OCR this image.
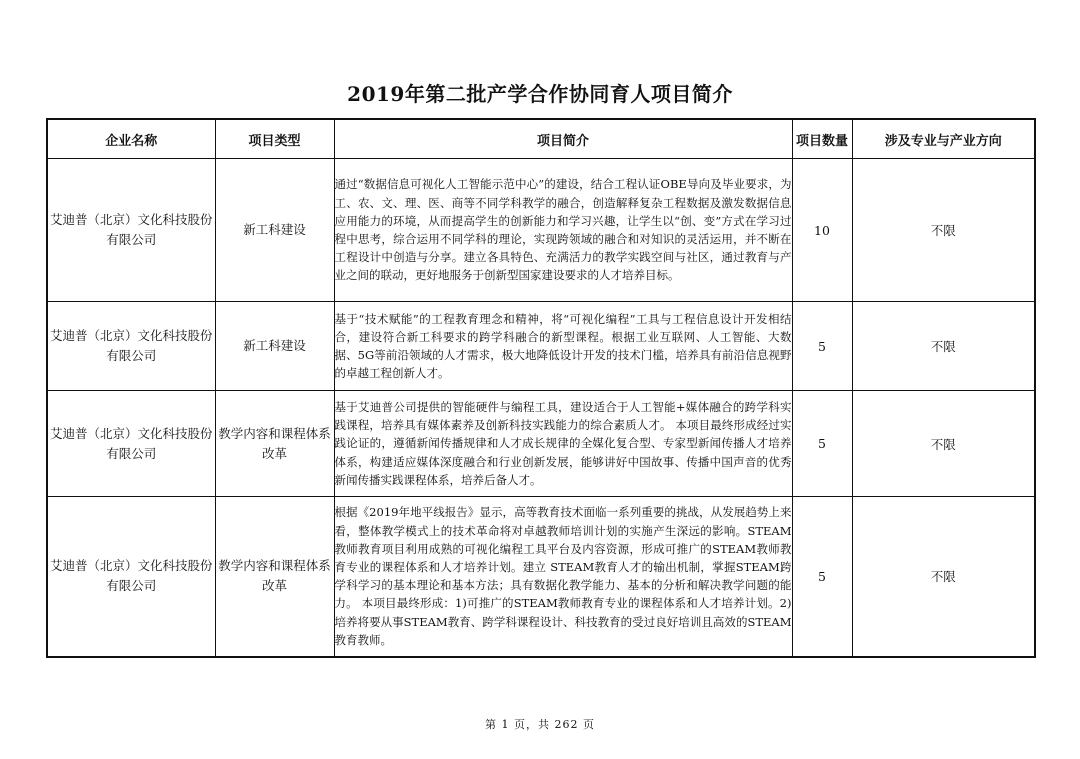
2019年第二批产学合作协同育人项目简介
企业名称	项目类型	项目简介	项目数量	涉及专业与产业方向
艾迪普（北京）文化科技股份有限公司	新工科建设	通过“数据信息可视化人工智能示范中心”的建设，结合工程认证OBE导向及毕业要求，为工、农、文、理、医、商等不同学科教学的融合，创造解释复杂工程数据及激发数据信息应用能力的环境，从而提高学生的创新能力和学习兴趣，让学生以“创、变”方式在学习过程中思考，综合运用不同学科的理论，实现跨领域的融合和对知识的灵活运用，并不断在工程设计中创造与分享。建立各具特色、充满活力的教学实践空间与社区，通过教育与产业之间的联动，更好地服务于创新型国家建设要求的人才培养目标。	10	不限
艾迪普（北京）文化科技股份有限公司	新工科建设	基于“技术赋能”的工程教育理念和精神，将“可视化编程”工具与工程信息设计开发相结合，建设符合新工科要求的跨学科融合的新型课程。根据工业互联网、人工智能、大数据、5G等前沿领域的人才需求，极大地降低设计开发的技术门槛，培养具有前沿信息视野的卓越工程创新人才。	5	不限
艾迪普（北京）文化科技股份有限公司	教学内容和课程体系改革	基于艾迪普公司提供的智能硬件与编程工具，建设适合于人工智能+媒体融合的跨学科实践课程，培养具有媒体素养及创新科技实践能力的综合素质人才。 本项目最终形成经过实践论证的，遵循新闻传播规律和人才成长规律的全媒化复合型、专家型新闻传播人才培养体系，构建适应媒体深度融合和行业创新发展，能够讲好中国故事、传播中国声音的优秀新闻传播实践课程体系，培养后备人才。	5	不限
艾迪普（北京）文化科技股份有限公司	教学内容和课程体系改革	根据《2019年地平线报告》显示，高等教育技术面临一系列重要的挑战，从发展趋势上来看，整体教学模式上的技术革命将对卓越教师培训计划的实施产生深远的影响。STEAM教师教育项目利用成熟的可视化编程工具平台及内容资源，形成可推广的STEAM教师教育专业的课程体系和人才培养计划。建立 STEAM教育人才的输出机制，掌握STEAM跨学科学习的基本理论和基本方法；具有数据化教学能力、基本的分析和解决教学问题的能力。 本项目最终形成：1)可推广的STEAM教师教育专业的课程体系和人才培养计划。2)培养将要从事STEAM教育、跨学科课程设计、科技教育的受过良好培训且高效的STEAM教育教师。	5	不限
第 1 页，共 262 页
